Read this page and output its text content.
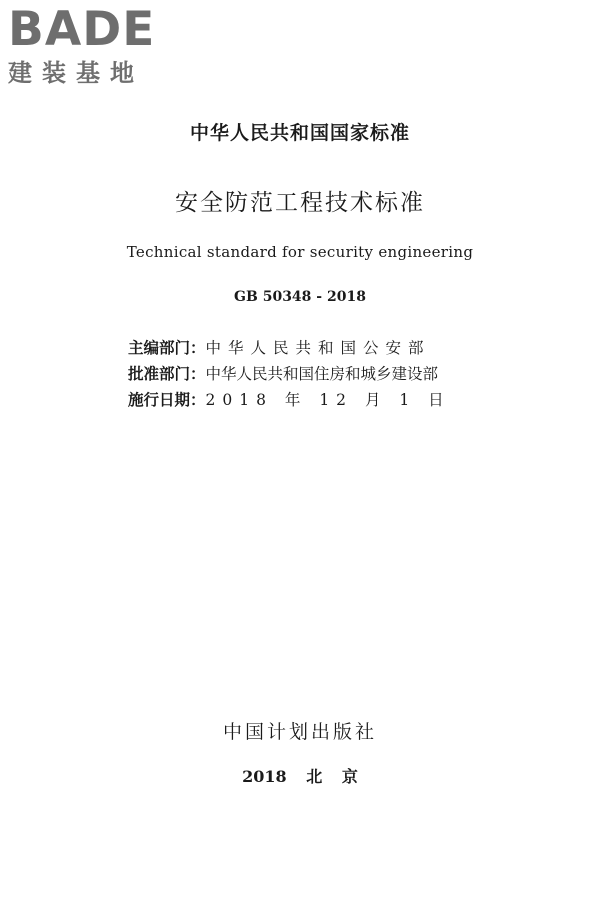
BADE
建装基地
中华人民共和国国家标准
安全防范工程技术标准
Technical standard for security engineering
GB 50348 - 2018
主编部门：中华人民共和国公安部
批准部门：中华人民共和国住房和城乡建设部
施行日期：2018 年 12 月 1 日
中国计划出版社
2018 北 京
